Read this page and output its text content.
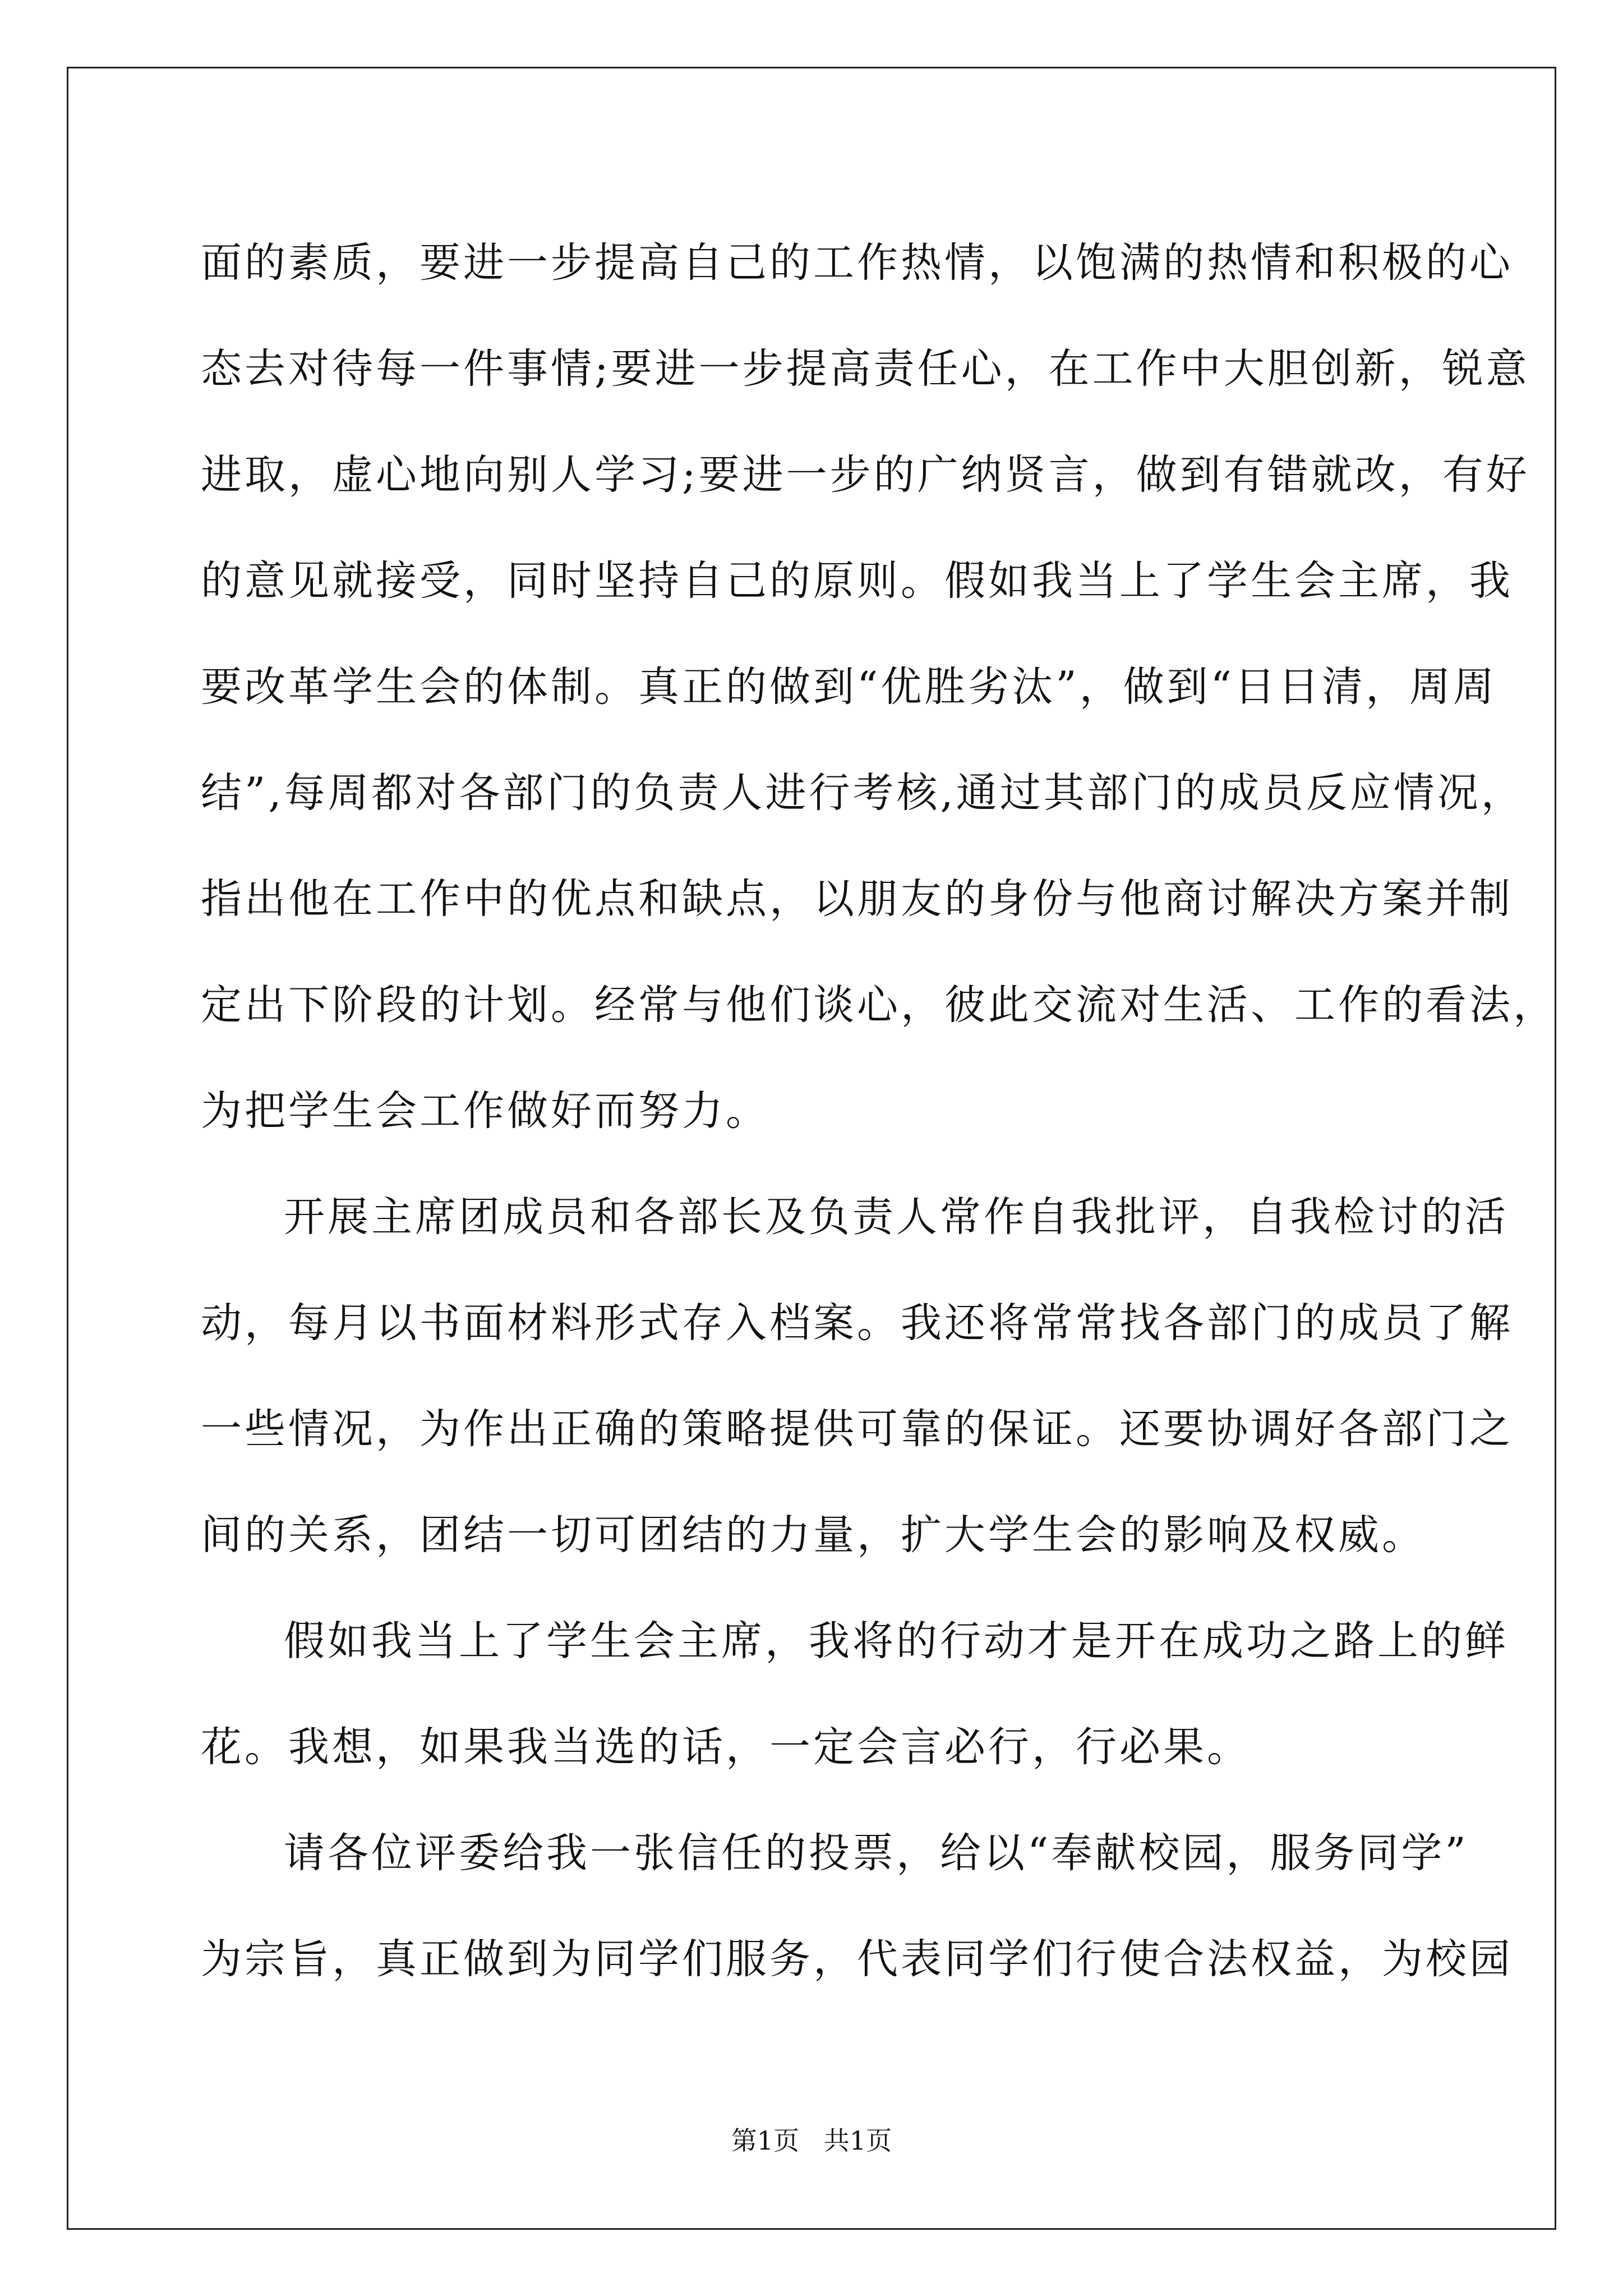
面的素质，要进一步提高自己的工作热情，以饱满的热情和积极的心
态去对待每一件事情;要进一步提高责任心，在工作中大胆创新，锐意
进取，虚心地向别人学习;要进一步的广纳贤言，做到有错就改，有好
的意见就接受，同时坚持自己的原则。假如我当上了学生会主席，我
要改革学生会的体制。真正的做到“优胜劣汰”，做到“日日清，周周
结”,每周都对各部门的负责人进行考核,通过其部门的成员反应情况，
指出他在工作中的优点和缺点，以朋友的身份与他商讨解决方案并制
定出下阶段的计划。经常与他们谈心，彼此交流对生活、工作的看法，
为把学生会工作做好而努力。
开展主席团成员和各部长及负责人常作自我批评，自我检讨的活
动，每月以书面材料形式存入档案。我还将常常找各部门的成员了解
一些情况，为作出正确的策略提供可靠的保证。还要协调好各部门之
间的关系，团结一切可团结的力量，扩大学生会的影响及权威。
假如我当上了学生会主席，我将的行动才是开在成功之路上的鲜
花。我想，如果我当选的话，一定会言必行，行必果。
请各位评委给我一张信任的投票，给以“奉献校园，服务同学”
为宗旨，真正做到为同学们服务，代表同学们行使合法权益，为校园
第1页   共1页
